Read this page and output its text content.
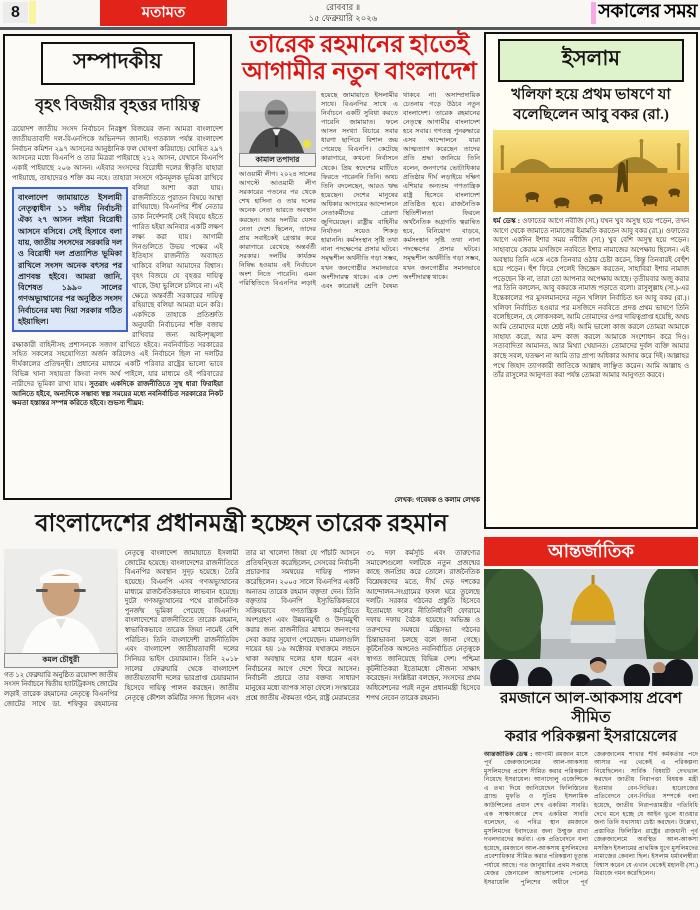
8	মতামত	রোববার ॥
১৫ ফেব্রুয়ারি ২০২৬	সকালের সময়
সম্পাদকীয়
বৃহৎ বিজয়ীর বৃহত্তর দায়িত্ব
ত্রয়োদশ জাতীয় সংসদ নির্বাচনে নিরঙ্কুশ বিজয়ের জন্য আমরা বাংলাদেশ জাতীয়তাবাদী দল-বিএনপিকে অভিনন্দন জানাই। গতকাল পর্যন্ত বাংলাদেশ নির্বাচন কমিশন ২৯৭ আসনের আনুষ্ঠানিক ফল ঘোষণা করিয়াছে। ঘোষিত ২৯৭ আসনের মধ্যে বিএনপি ও তার মিত্ররা পাইয়াছে ২১২ আসন, যেখানে বিএনপি একাই পাইয়াছে ২০৬ আসন। এইবার সংসদের বিরোধী দলের স্বীকৃতি যাহারা পাইয়াছে, তাহাদেরও শক্তি কম নহে।
বাংলাদেশ জামায়াতে ইসলামী নেতৃত্বাধীন ১১ দলীয় নির্বাচনী ঐক্য ২৭ আসন লইয়া বিরোধী আসনে বসিবে। সেই হিসাবে বলা যায়, জাতীয় সংসদের সরকারি দল ও বিরোধী দল প্রত্যাশিত ভূমিকা রাখিলে সংসদ অনেক বৎসর পর প্রাণবন্ত হইবে। আমরা জানি, বিশেষত ১৯৯০ সালের গণঅভ্যুত্থানের পর অনুষ্ঠিত সংসদ নির্বাচনের মধ্য দিয়া সরকার গঠিত হইয়াছিল।
তাহারা সংসদে গঠনমূলক ভূমিকা রাখিবে বলিয়া আশা করা যায়। রাজনীতিতে পুরাতন বিষয়ে আস্থা রাখিয়াছে। বিএনপির শীর্ষ নেতার ডাক নির্দেশনাই সেই বিষয়ে হইতে পারিত হইয়া অনিবার একটি লক্ষণ লক্ষ্য করা যায়। আগামী দিনগুলিতে উভয় পক্ষের এই ইতিহাস রাজনীতি অব্যাহত থাকিবে বলিয়া আমাদের বিশ্বাস। বৃহৎ বিজয়ে যে বৃহত্তর দায়িত্ব থাকে, উহা ভুলিলে চলিবে না। এই ক্ষেত্রে অন্তর্বর্তী সরকারের দায়িত্ব রহিয়াছে বলিয়া আমরা মনে করি। একদিকে তাহাকে প্রতিশ্রুতি অনুযায়ী নির্বাচনের শক্তি বজায় রাখিবার জন্য আইনশৃঙ্খলা রক্ষাকারী বাহিনীসহ প্রশাসনকে সজাগ রাখিতে হইবে। নবনির্বাচিত সরকারের সহিত সকলের সহযোগিতা অর্জন করিলেও এই নির্বাচনে ছিল না দলটির দীর্ঘকালের প্রতিদ্বন্দ্বী। প্রধানের মাধ্যমে একটি পরিবার রাষ্ট্রের ভালো ভাবে বিভিন্ন খানা সহায়তা কিংবা নগদ অর্থ পাইলে, যার মাধ্যমে ওই পরিবারের নারীদের ভূমিকা রাখা যায়। সুতরাং একদিকে রাজনীতিতে সুস্থ ধারা ফিরাইয়া আনিতে হইবে, অন্যদিকে সম্ভাব্য স্বল্প সময়ের মধ্যে নবনির্বাচিত সরকারের নিকট ক্ষমতা হস্তান্তর সম্পন্ন করিতে হইবে। শুভস্য শীঘ্রম:
তারেক রহমানের হাতেই
আগামীর নতুন বাংলাদেশ
কামাল তপাদার
আওয়ামী লীগ। ২০২৪ সালের আগস্টে আওয়ামী লীগ সরকারের পতনের পর থেকে শেখ হাসিনা ও তার দলের অনেক নেতা ভারতে অবস্থান করছেন। আর দলটির যেসব নেতা দেশে ছিলেন, তাদের প্রায় সবাইকেই গ্রেপ্তার করে কারাগারে রেখেছে অন্তর্বর্তী সরকার। দলটির কার্যক্রম নিষিদ্ধ হওয়ায় এই নির্বাচনে অংশ নিতে পারেনি। এমন পরিস্থিতিতে বিএনপির লড়াই হয়েছে জামায়াতে ইসলামীর সাথে। বিএনপির সাথে এ নির্বাচনে একটি সুবিধা করতে পারেনি জামায়াত। ফলে আসন সংখ্যা বিচারে সবার ধারণা ছাপিয়ে বিশাল জয় পেয়েছে বিএনপি। কেটেছে কারাগারে, কখনো নির্বাসনে থেকে। প্রিয় স্বদেশের মাটিতে ফিরতে পারেননি তিনি। অথচ তিনি বদলেছেন, আরও ঋদ্ধ হয়েছেন। দেশের মানুষের অধিকার আদায়ের আন্দোলনে নেতাকর্মীদের প্রেরণা জুগিয়েছেন। রাষ্ট্রীয় বাহিনীর নির্যাতন সয়েও শিকড় হারাননি। কর্মসংস্থান সৃষ্টি তথা নানা পদক্ষেপের প্রসার ঘটবে। সমৃদ্ধশীল অর্থনীতি গড়া সম্ভব, যখন জনগোষ্ঠীর সমানভাবে অংশীদারত্ব থাকে। এক দেশ এবং কারোরই শ্রেণি বৈষম্য থাকবে না। অসাম্প্রদায়িক চেতনায় গড়ে উঠবে নতুন বাংলাদেশ। তারেক রহমানের নেতৃত্বে আগামীর বাংলাদেশ হবে সবার। গণতন্ত্র পুনরুদ্ধারে এসব আন্দোলনে যারা আত্মত্যাগ করেছেন তাদের প্রতি শ্রদ্ধা জানিয়ে তিনি বলেন, জনগণের ভোটাধিকার প্রতিষ্ঠায় দীর্ঘ লড়াইয়ে দক্ষিণ এশিয়ার অন্যতম গণতান্ত্রিক রাষ্ট্র হিসেবে বাংলাদেশ প্রতিষ্ঠিত হবে। রাজনৈতিক স্থিতিশীলতা ফিরলে অর্থনৈতিক অগ্রগতি ত্বরান্বিত হবে, বিনিয়োগ বাড়বে, কর্মসংস্থান সৃষ্টি তথা নানা পদক্ষেপের প্রসার ঘটবে। সমৃদ্ধশীল অর্থনীতি গড়া সম্ভব, যখন জনগোষ্ঠীর সমানভাবে অংশীদারত্ব থাকে।
লেখক: গবেষক ও কলাম লেখক
ইসলাম
খলিফা হয়ে প্রথম ভাষণে যা
বলেছিলেন আবু বকর (রা.)
ধর্ম ডেস্ক : ওফাতের আগে নবীজি (সা.) যখন খুব অসুস্থ হয়ে পড়েন, তখন আগে থেকে জামাতে নামাজের ইমামতি করতেন আবু বকর (রা.)। ওফাতের আগে একদিন ইশার সময় নবীজি (সা.) খুব বেশি অসুস্থ হয়ে পড়েন। সাহাবায়ে কেরাম মসজিদে নববিতে ইশার নামাজের অপেক্ষায় ছিলেন। এই অবস্থায় তিনি একে একে তিনবার ওঠার চেষ্টা করেন, কিন্তু তিনবারই বেহুঁশ হয়ে পড়েন। হুঁশ ফিরে পেলেই জিজ্ঞেস করতেন, সাহাবিরা ইশার নামাজ পড়েছেন কি না, তারা তো আপনার অপেক্ষায় আছে। তৃতীয়বার অজু করার পর তিনি বললেন, আবু বকরকে নামাজ পড়াতে বলো। রাসুলুল্লাহ (সা.)-এর ইন্তেকালের পর মুসলমানদের নতুন খলিফা নির্বাচিত হন আবু বকর (রা.)। খলিফা নির্বাচিত হওয়ার পর মসজিদে নববিতে প্রদত্ত প্রথম ভাষণে তিনি বলেছিলেন, হে লোকসকল, আমি তোমাদের ওপর দায়িত্বপ্রাপ্ত হয়েছি, অথচ আমি তোমাদের মধ্যে শ্রেষ্ঠ নই। আমি ভালো কাজ করলে তোমরা আমাকে সাহায্য করো, আর মন্দ কাজ করলে আমাকে সংশোধন করে দিও। সত্যবাদিতা আমানত, আর মিথ্যা খেয়ানত। তোমাদের দুর্বল ব্যক্তি আমার কাছে সবল, যতক্ষণ না আমি তার প্রাপ্য অধিকার আদায় করে দিই। আল্লাহর পথে জিহাদ ত্যাগকারী জাতিকে আল্লাহ লাঞ্ছিত করেন। আমি আল্লাহ ও তাঁর রাসুলের আনুগত্য করা পর্যন্ত তোমরা আমার আনুগত্য করবে।
বাংলাদেশের প্রধানমন্ত্রী হচ্ছেন তারেক রহমান
কমল চৌধুরী
গত ১২ ফেব্রুয়ারি অনুষ্ঠিত ত্রয়োদশ জাতীয় সংসদ নির্বাচনে দ্বিতীয় হ্যাটট্রিকসহ জোটের লড়াই তারেক রহমানের নেতৃত্বে বিএনপির জোটের সাথে ডা. শফিকুর রহমানের নেতৃত্বে বাংলাদেশ জামায়াতে ইসলামী জোটের হয়েছে। বাংলাদেশের রাজনীতিতে বিএনপির অবস্থান সুদৃঢ় হয়েছে। তৈরি হয়েছে। বিএনপি এসব গণঅভ্যুত্থানের মাধ্যমে রাজনৈতিকভাবে লাভবান হয়েছে। দুটো গণঅভ্যুত্থানের পথে রাজনৈতিক পুনর্জন্ম ভূমিকা পেয়েছে বিএনপি। বাংলাদেশের রাজনীতিতে তারেক রহমান, স্বাভাবিকভাবে তারেক জিয়া নামেই বেশি পরিচিত। তিনি বাংলাদেশী রাজনীতিবিদ এবং বাংলাদেশ জাতীয়তাবাদী দলের সিনিয়র ভাইস চেয়ারম্যান। তিনি ২০১৮ সালের ফেব্রুয়ারি থেকে বাংলাদেশ জাতীয়তাবাদী দলের ভারপ্রাপ্ত চেয়ারম্যান হিসেবে দায়িত্ব পালন করছেন। জাতীয় নেতৃত্বে কৌশল কমিটির সদস্য ছিলেন এবং তার মা খালেদা জিয়া যে পাঁচটি আসনে প্রতিদ্বন্দ্বিতা করেছিলেন, সেসবের নির্বাচনী প্রচারণার সমন্বয়ের দায়িত্ব পালন করেছিলেন। ২০০৫ সালে বিএনপির একটি অন্যতম তারেক রহমান বক্তৃতা দেন। তিনি বক্তৃতার বিএনপি ইস্যুভিত্তিকভাবে সক্রিয়ভাবে গণতান্ত্রিক কর্মসূচিতে অংশগ্রহণ এবং উন্নয়নমুখী ও উদ্যমমুখী করার জন্য রাজনীতির মাধ্যমে জনগণের সেবা করার সুযোগ পেয়েছেন। মামলাগুলি দায়ের হয় ১৬ অক্টোবর যথাক্রমে লন্ডনে থাকা অবস্থায় দলের হাল ধরেন এবং নির্বাচনের আগে দেশে ফিরে আসেন। নির্বাচনী প্রচারে তার বক্তব্য সাধারণ মানুষের মধ্যে ব্যাপক সাড়া ফেলে। সংস্কারের প্রশ্নে জাতীয় ঐকমত্য গঠন, রাষ্ট্র মেরামতের ৩১ দফা কর্মসূচি এবং তারুণ্যের সমাবেশগুলো দলটিকে নতুন প্রজন্মের কাছে জনপ্রিয় করে তোলে। রাজনৈতিক বিশ্লেষকদের মতে, দীর্ঘ দেড় দশকের আন্দোলন-সংগ্রামের ফসল ঘরে তুলেছে দলটি। সরকার গঠনের প্রস্তুতি হিসেবে ইতোমধ্যে দলের নীতিনির্ধারণী ফোরামে দফায় দফায় বৈঠক হয়েছে। অভিজ্ঞ ও তরুণদের সমন্বয়ে মন্ত্রিসভা গঠনের চিন্তাভাবনা চলছে বলে জানা গেছে। কূটনৈতিক অঙ্গনেও নবনির্বাচিত নেতৃত্বকে স্বাগত জানিয়েছে বিভিন্ন দেশ। পশ্চিমা কূটনীতিকরা ইতোমধ্যে সৌজন্য সাক্ষাৎ করেছেন। সংশ্লিষ্টরা বলছেন, সংসদের প্রথম অধিবেশনের পরই নতুন প্রধানমন্ত্রী হিসেবে শপথ নেবেন তারেক রহমান।
আন্তর্জাতিক
রমজানে আল-আকসায় প্রবেশ সীমিত
করার পরিকল্পনা ইসরায়েলের
আন্তর্জাতিক ডেস্ক : আগামী রমজান মাসে পূর্ব জেরুজালেমের আল-আকসায় মুসলিমদের প্রবেশ সীমিত করার পরিকল্পনা নিয়েছে ইসরায়েল। আনাদোলু এজেন্সিকে এ তথ্য দিয়ে জানিয়েছেন ফিলিস্তিনের গ্র্যান্ড মুফতি ও সুপ্রিম ইসলামিক কাউন্সিলের প্রধান শেখ একরিমা সাবরি। এক সাক্ষাৎকারে শেখ একরিমা সাবরি বলেছেন, এ পবিত্র স্থান রমজানে মুসলিমদের ইবাদতের জন্য উন্মুক্ত রাখা দখলদারদের কর্তব্য। এক প্রতিবেদনে বলা হয়েছে, রমজানে আল-আকসায় মুসলিমদের প্রবেশাধিকার সীমিত করার পরিকল্পনা চূড়ান্ত পর্যায়ে আছে। গত জানুয়ারির প্রথম সপ্তাহে মেজর জেনারেল আভশালোম পেলেড ইসরায়েলি পুলিশের অধীনে পূর্ব জেরুজালেম শাখার শীর্ষ কর্মকর্তার পদে আসার পর থেকেই এ পরিকল্পনা নিয়েছিলেন। সার্বিক বিষয়টি দেখভাল করছেন জাতীয় নিরাপত্তা বিষয়ক মন্ত্রী ইতামার বেন-গিভির। হারেৎজের প্রতিবেদনে বেন-গিভির সম্পর্কে বলা হয়েছে, জাতীয় নিরাপত্তামন্ত্রীর গতিবিধি দেখে মনে হচ্ছে যে আইন ভুলে যাওয়ার জন্য তিনি যথাসাধ্য চেষ্টা করছেন। উল্লেখ্য, প্রস্তাবিত ফিলিস্তিন রাষ্ট্রের রাজধানী পূর্ব জেরুজালেমে অবস্থিত আল-আকসা মসজিদ ইসলামের প্রাথমিক যুগে মুসলিমদের নামাজের কেবলা ছিল। ইসলাম ধর্মাবলম্বীরা বিশ্বাস করেন যে এখান থেকেই মহানবী (সা.) মিরাজে গমন করেছিলেন।
